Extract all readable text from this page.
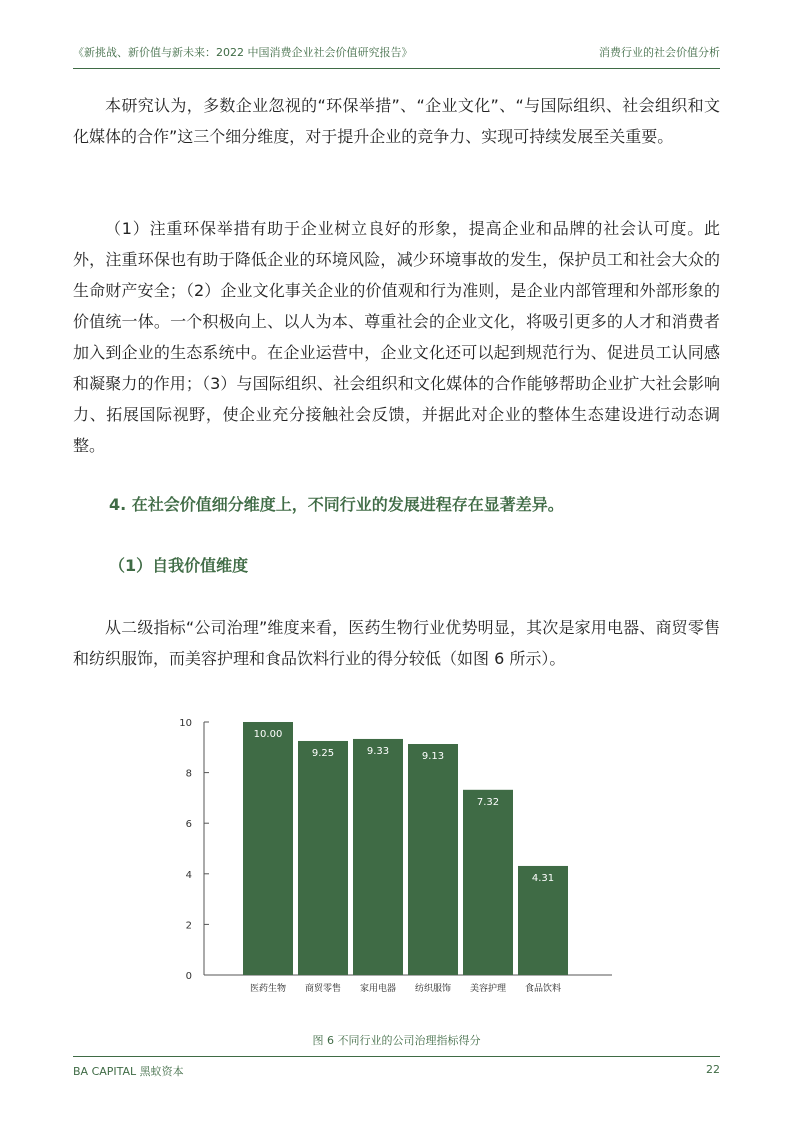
《新挑战、新价值与新未来：2022 中国消费企业社会价值研究报告》	消费行业的社会价值分析

本研究认为，多数企业忽视的“环保举措”、“企业文化”、“与国际组织、社会组织和文化媒体的合作”这三个细分维度，对于提升企业的竞争力、实现可持续发展至关重要。

（1）注重环保举措有助于企业树立良好的形象，提高企业和品牌的社会认可度。此外，注重环保也有助于降低企业的环境风险，减少环境事故的发生，保护员工和社会大众的生命财产安全；（2）企业文化事关企业的价值观和行为准则，是企业内部管理和外部形象的价值统一体。一个积极向上、以人为本、尊重社会的企业文化，将吸引更多的人才和消费者加入到企业的生态系统中。在企业运营中，企业文化还可以起到规范行为、促进员工认同感和凝聚力的作用；（3）与国际组织、社会组织和文化媒体的合作能够帮助企业扩大社会影响力、拓展国际视野，使企业充分接触社会反馈，并据此对企业的整体生态建设进行动态调整。

4. 在社会价值细分维度上，不同行业的发展进程存在显著差异。

（1）自我价值维度

从二级指标“公司治理”维度来看，医药生物行业优势明显，其次是家用电器、商贸零售和纺织服饰，而美容护理和食品饮料行业的得分较低（如图 6 所示）。

0
2
4
6
8
10
10.00
医药生物
9.25
商贸零售
9.33
家用电器
9.13
纺织服饰
7.32
美容护理
4.31
食品饮料
图 6 不同行业的公司治理指标得分
BA CAPITAL 黑蚁资本	22
